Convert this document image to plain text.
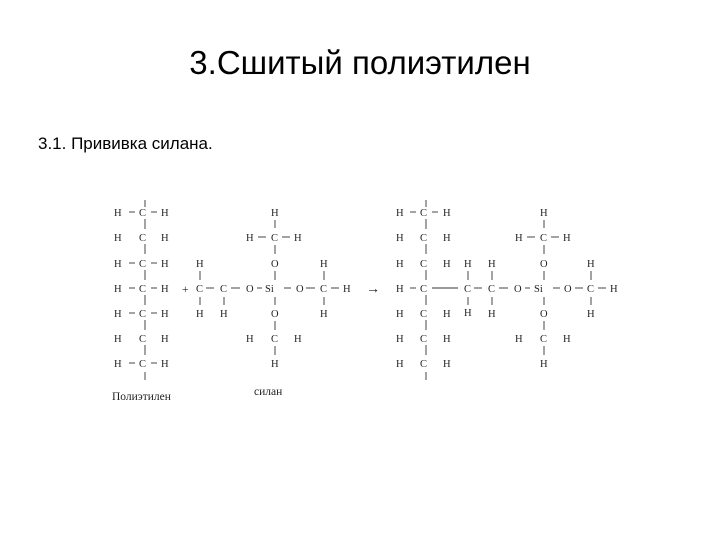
3.Сшитый полиэтилен
3.1. Прививка силана.
H C H
H C H
H C H
H C H
H C H
H C H
H C H
H
H C H
O
H	H
C C O Si O C H
H H	H
O
H C H
H
H C H
H C H
H C H
H C
H C H
H C H
H C H
H
H C H
O
H H	H
C C O Si O C H
H H	H
O
H C H
H
+	→
Полиэтилен	силан
